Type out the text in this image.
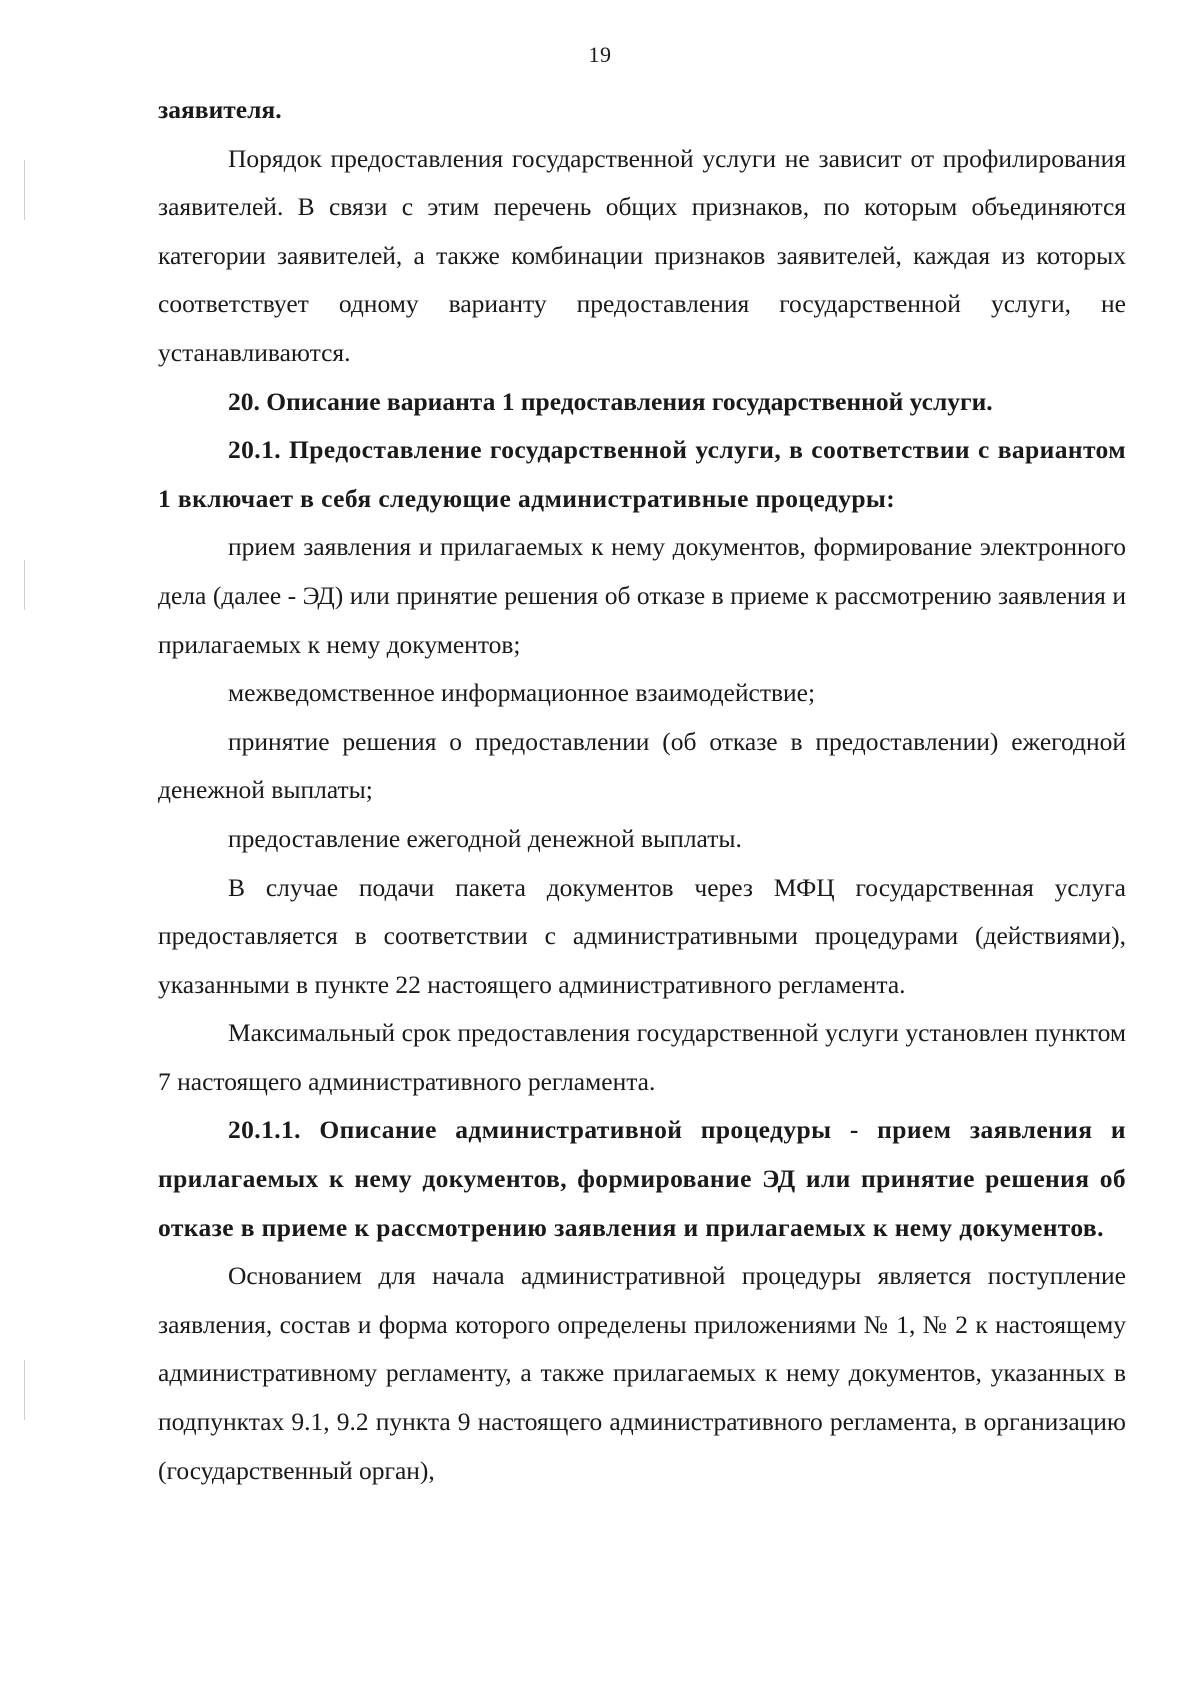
19

заявителя.

Порядок предоставления государственной услуги не зависит от профилирования заявителей. В связи с этим перечень общих признаков, по которым объединяются категории заявителей, а также комбинации признаков заявителей, каждая из которых соответствует одному варианту предоставления государственной услуги, не устанавливаются.

20. Описание варианта 1 предоставления государственной услуги.

20.1. Предоставление государственной услуги, в соответствии с вариантом 1 включает в себя следующие административные процедуры:

прием заявления и прилагаемых к нему документов, формирование электронного дела (далее - ЭД) или принятие решения об отказе в приеме к рассмотрению заявления и прилагаемых к нему документов;

межведомственное информационное взаимодействие;

принятие решения о предоставлении (об отказе в предоставлении) ежегодной денежной выплаты;

предоставление ежегодной денежной выплаты.

В случае подачи пакета документов через МФЦ государственная услуга предоставляется в соответствии с административными процедурами (действиями), указанными в пункте 22 настоящего административного регламента.

Максимальный срок предоставления государственной услуги установлен пунктом 7 настоящего административного регламента.

20.1.1. Описание административной процедуры - прием заявления и прилагаемых к нему документов, формирование ЭД или принятие решения об отказе в приеме к рассмотрению заявления и прилагаемых к нему документов.

Основанием для начала административной процедуры является поступление заявления, состав и форма которого определены приложениями № 1, № 2 к настоящему административному регламенту, а также прилагаемых к нему документов, указанных в подпунктах 9.1, 9.2 пункта 9 настоящего административного регламента, в организацию (государственный орган),
